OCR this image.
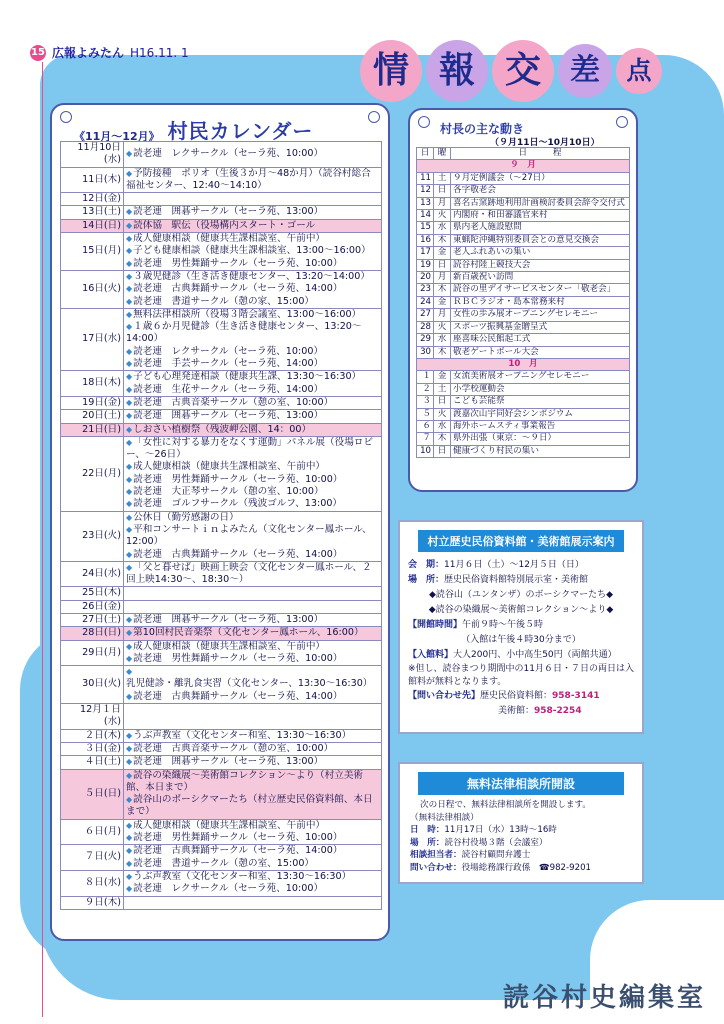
15 広報よみたん H16.11. 1	情 報 交 差	点
《11月〜12月》 村民カレンダー
11月10日(水)	◆ 読老連　レクサークル（セーラ苑、10:00）

11日(木)	◆ 予防接種　ポリオ（生後３か月〜48か月）（読谷村総合福祉センター、12:40〜14:10）

12日(金)	
13日(土)	◆ 読老連　囲碁サークル（セーラ苑、13:00）

14日(日)	◆ 読体協　駅伝（役場構内スタート・ゴール

15日(月)	◆ 成人健康相談（健康共生課相談室、午前中）
◆ 子ども健康相談（健康共生課相談室、13:00〜16:00）
◆ 読老連　男性舞踊サークル（セーラ苑、10:00）

16日(火)	◆ ３歳児健診（生き活き健康センター、13:20〜14:00）
◆ 読老連　古典舞踊サークル（セーラ苑、14:00）
◆ 読老連　書道サークル（憩の家、15:00）

17日(水)	◆ 無料法律相談所（役場３階会議室、13:00〜16:00）
◆ １歳６か月児健診（生き活き健康センター、13:20〜14:00）
◆ 読老連　レクサークル（セーラ苑、10:00）
◆ 読老連　手芸サークル（セーラ苑、14:00）

18日(木)	◆ 子ども心理発達相談（健康共生課、13:30〜16:30）
◆ 読老連　生花サークル（セーラ苑、14:00）

19日(金)	◆ 読老連　古典音楽サークル（憩の室、10:00）

20日(土)	◆ 読老連　囲碁サークル（セーラ苑、13:00）

21日(日)	◆ しおさい植樹祭（残波岬公園、14：00）

22日(月)	◆ 「女性に対する暴力をなくす運動」パネル展（役場ロビー、〜26日）
◆ 成人健康相談（健康共生課相談室、午前中）
◆ 読老連　男性舞踊サークル（セーラ苑、10:00）
◆ 読老連　大正琴サークル（憩の室、10:00）
◆ 読老連　ゴルフサークル（残波ゴルフ、13:00）

23日(火)	◆ 公休日（勤労感謝の日）
◆ 平和コンサートｉｎよみたん（文化センター鳳ホール、12:00）
◆ 読老連　古典舞踊サークル（セーラ苑、14:00）

24日(水)	◆ 「父と暮せば」映画上映会（文化センター鳳ホール、２回上映14:30〜、18:30〜）

25日(木)	
26日(金)	
27日(土)	◆ 読老連　囲碁サークル（セーラ苑、13:00）

28日(日)	◆ 第10回村民音楽祭（文化センター鳳ホール、16:00）

29日(月)	◆ 成人健康相談（健康共生課相談室、午前中）
◆ 読老連　男性舞踊サークル（セーラ苑、10:00）

30日(火)	◆ 乳児健診・離乳食実習（文化センター、13:30〜16:30）
◆ 読老連　古典舞踊サークル（セーラ苑、14:00）

12月１日(水)	
２日(木)	◆ うぶ声教室（文化センター和室、13:30〜16:30）

３日(金)	◆ 読老連　古典音楽サークル（憩の室、10:00）

４日(土)	◆ 読老連　囲碁サークル（セーラ苑、13:00）

５日(日)	◆ 読谷の染織展〜美術館コレクション〜より（村立美術館、本日まで）
◆ 読谷山のボーシクマーたち（村立歴史民俗資料館、本日まで）

６日(月)	◆ 成人健康相談（健康共生課相談室、午前中）
◆ 読老連　男性舞踊サークル（セーラ苑、10:00）

７日(火)	◆ 読老連　古典舞踊サークル（セーラ苑、14:00）
◆ 読老連　書道サークル（憩の室、15:00）

８日(水)	◆ うぶ声教室（文化センター和室、13:30〜16:30）
◆ 読老連　レクサークル（セーラ苑、10:00）

９日(木)	
村長の主な動き
（９月11日〜10月10日）
日	曜	日　　　程
９　月		
11	土	９月定例議会（〜27日）
12	日	各字敬老会
13	月	喜名古窯跡地利用計画検討委員会辞令交付式
14	火	内閣府・和田審議官来村
15	水	県内老人施設慰問
16	木	東蝋陀沖縄特別委員会との意見交換会
17	金	老人ふれあいの集い
19	日	読谷村陸上競技大会
20	月	新百歳祝い訪問
23	木	読谷の里デイサービスセンター「敬老会」
24	金	ＲＢＣラジオ・島本常務来村
27	月	女性の歩み展オープニングセレモニー
28	火	スポーツ振興基金贈呈式
29	水	座喜味公民館起工式
30	木	敬老ゲートボール大会
10　月		
１	金	女流美術展オープニングセレモニー
２	土	小学校運動会
３	日	こども芸能祭
５	火	渡嘉次山宇同好会シンポジウム
６	水	海外ホームスティ事業報告
７	木	県外出張（東京：〜９日）
10	日	健康づくり村民の集い
村立歴史民俗資料館・美術館展示案内
会　期：11月６日（土）〜12月５日（日）
場　所：歴史民俗資料館特別展示室・美術館
◆読谷山（ユンタンザ）のボーシクマーたち◆
◆読谷の染織展〜美術館コレクション〜より◆
【開館時間】午前９時〜午後５時
（入館は午後４時30分まで）
【入館料】大人200円、小中高生50円（両館共通）
※但し、読谷まつり期間中の11月６日・７日の両日は入館料が無料となります。
【問い合わせ先】歴史民俗資料館：958-3141
美術館：958-2254
無料法律相談所開設
次の日程で、無料法律相談所を開設します。
（無料法律相談）
日　時：11月17日（水）13時〜16時
場　所：読谷村役場３階（会議室）
相談担当者：読谷村顧問弁護士
問い合わせ：役場総務課行政係　☎982-9201
読谷村史編集室
